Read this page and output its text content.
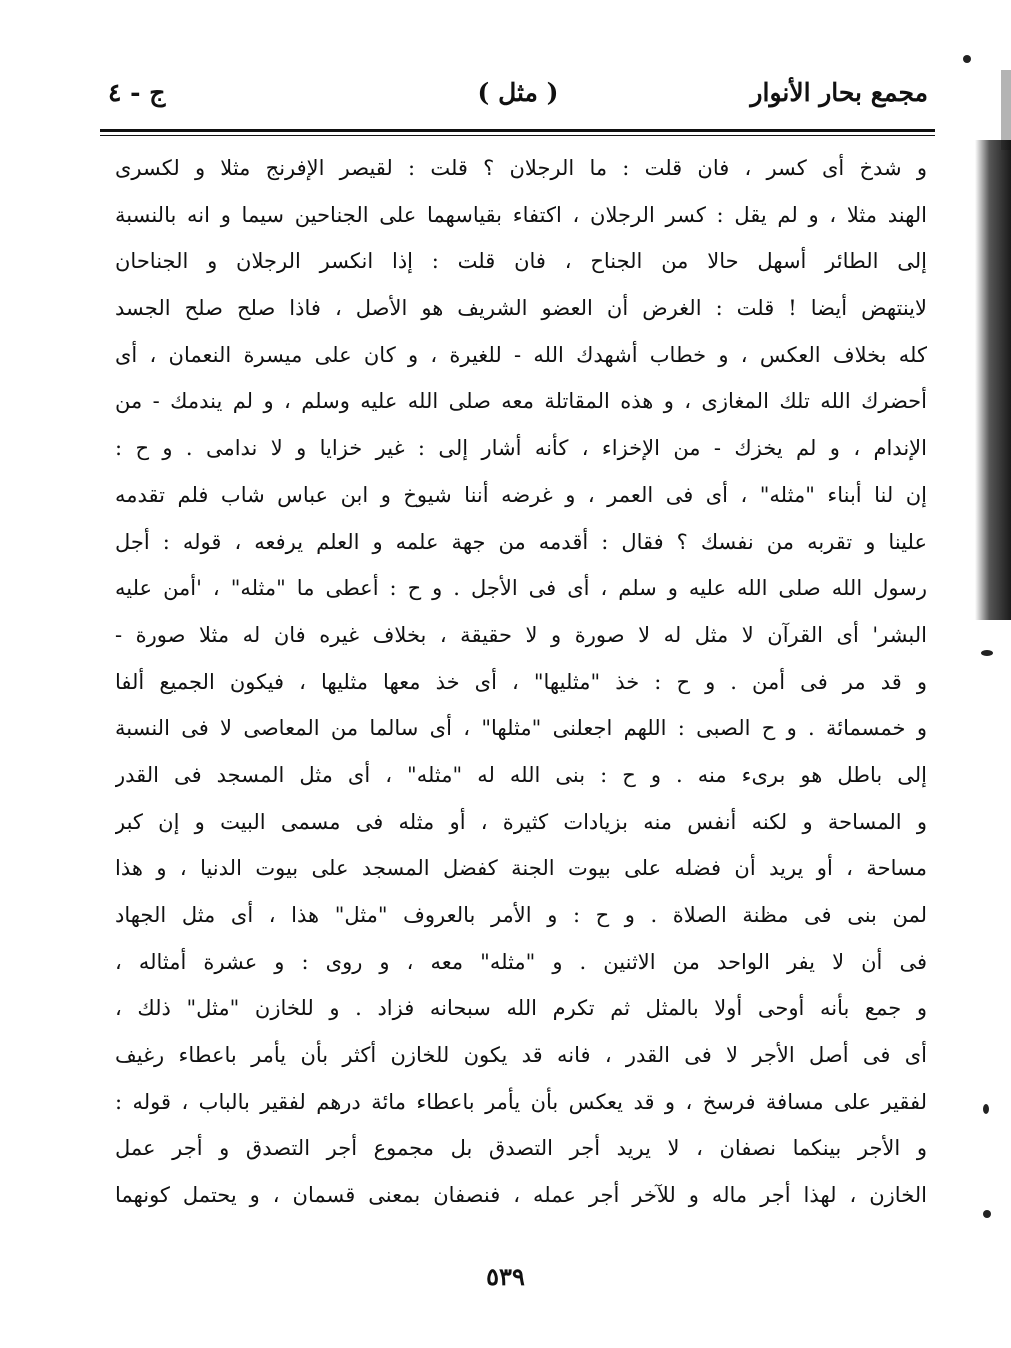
مجمع بحار الأنوار
( مثل )
ج - ٤
و شدخ أى كسر ، فان قلت : ما الرجلان ؟ قلت : لقيصر الإفرنج مثلا و لكسرى
الهند مثلا ، و لم يقل : كسر الرجلان ، اكتفاء بقياسهما على الجناحين سيما و انه بالنسبة
إلى الطائر أسهل حالا من الجناح ، فان قلت : إذا انكسر الرجلان و الجناحان
لاينتهض أيضا ! قلت : الغرض أن العضو الشريف هو الأصل ، فاذا صلح صلح الجسد
كله بخلاف العكس ، و خطاب أشهدك الله - للغيرة ، و كان على ميسرة النعمان ، أى
أحضرك الله تلك المغازى ، و هذه المقاتلة معه صلى الله عليه وسلم ، و لم يندمك - من
الإندام ، و لم يخزك - من الإخزاء ، كأنه أشار إلى : غير خزايا و لا ندامى . و ح :
إن لنا أبناء "مثله" ، أى فى العمر ، و غرضه أننا شيوخ و ابن عباس شاب فلم تقدمه
علينا و تقربه من نفسك ؟ فقال : أقدمه من جهة علمه و العلم يرفعه ، قوله : أجل
رسول الله صلى الله عليه و سلم ، أى فى الأجل . و ح : أعطى ما "مثله" ، 'أمن عليه
البشر' أى القرآن لا مثل له لا صورة و لا حقيقة ، بخلاف غيره فان له مثلا صورة -
و قد مر فى أمن . و ح : خذ "مثليها" ، أى خذ معها مثليها ، فيكون الجميع ألفا
و خمسمائة . و ح الصبى : اللهم اجعلنى "مثلها" ، أى سالما من المعاصى لا فى النسبة
إلى باطل هو برىء منه . و ح : بنى الله له "مثله" ، أى مثل المسجد فى القدر
و المساحة و لكنه أنفس منه بزيادات كثيرة ، أو مثله فى مسمى البيت و إن كبر
مساحة ، أو يريد أن فضله على بيوت الجنة كفضل المسجد على بيوت الدنيا ، و هذا
لمن بنى فى مظنة الصلاة . و ح : و الأمر بالعروف "مثل" هذا ، أى مثل الجهاد
فى أن لا يفر الواحد من الاثنين . و "مثله" معه ، و روى : و عشرة أمثاله ،
و جمع بأنه أوحى أولا بالمثل ثم تكرم الله سبحانه فزاد . و للخازن "مثل" ذلك ،
أى فى أصل الأجر لا فى القدر ، فانه قد يكون للخازن أكثر بأن يأمر باعطاء رغيف
لفقير على مسافة فرسخ ، و قد يعكس بأن يأمر باعطاء مائة درهم لفقير بالباب ، قوله :
و الأجر بينكما نصفان ، لا يريد أجر التصدق بل مجموع أجر التصدق و أجر عمل
الخازن ، لهذا أجر ماله و للآخر أجر عمله ، فنصفان بمعنى قسمان ، و يحتمل كونهما
٥٣٩
